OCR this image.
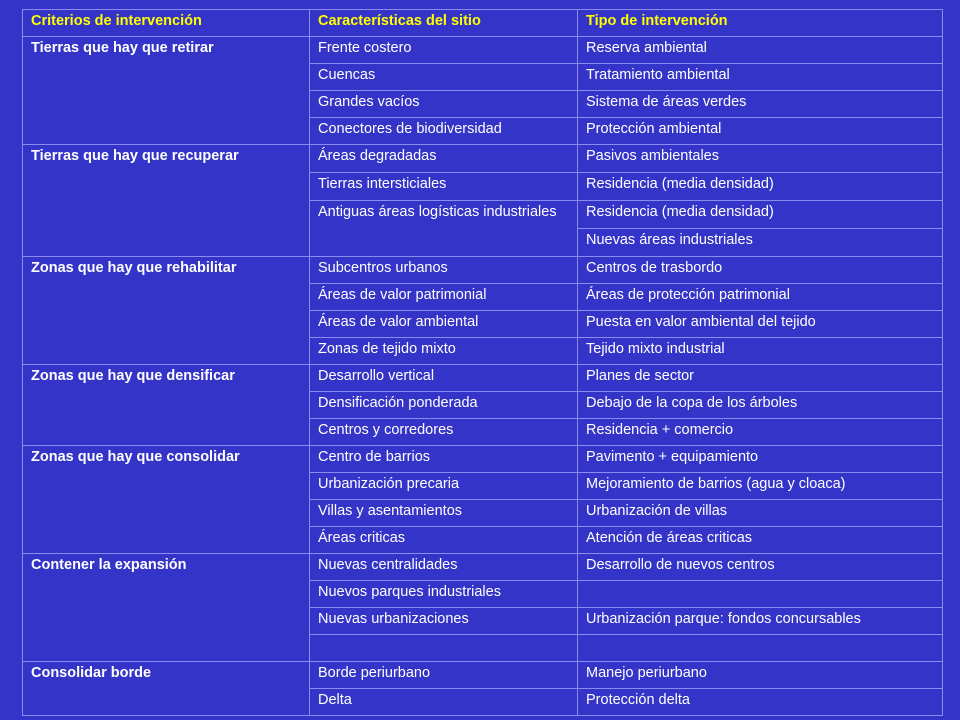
Criterios de intervención	Características del sitio	Tipo de intervención
Tierras que hay que retirar	Frente costero	Reserva ambiental
	Cuencas	Tratamiento ambiental
	Grandes vacíos	Sistema de áreas verdes
	Conectores de biodiversidad	Protección ambiental
Tierras que hay que recuperar	Áreas degradadas	Pasivos ambientales
	Tierras intersticiales	Residencia (media densidad)
	Antiguas áreas logísticas industriales	Residencia (media densidad)
		Nuevas áreas industriales
Zonas que hay que rehabilitar	Subcentros urbanos	Centros de trasbordo
	Áreas de valor patrimonial	Áreas de protección patrimonial
	Áreas de valor ambiental	Puesta en valor ambiental del tejido
	Zonas de tejido mixto	Tejido mixto industrial
Zonas que hay que densificar	Desarrollo vertical	Planes de sector
	Densificación ponderada	Debajo de la copa de los árboles
	Centros y corredores	Residencia + comercio
Zonas que hay que consolidar	Centro de barrios	Pavimento + equipamiento
	Urbanización precaria	Mejoramiento de barrios (agua y cloaca)
	Villas y asentamientos	Urbanización de villas
	Áreas criticas	Atención de áreas criticas
Contener la expansión	Nuevas centralidades	Desarrollo de nuevos centros
	Nuevos parques industriales	
	Nuevas urbanizaciones	Urbanización parque: fondos concursables

Consolidar borde	Borde periurbano	Manejo periurbano
	Delta	Protección delta
